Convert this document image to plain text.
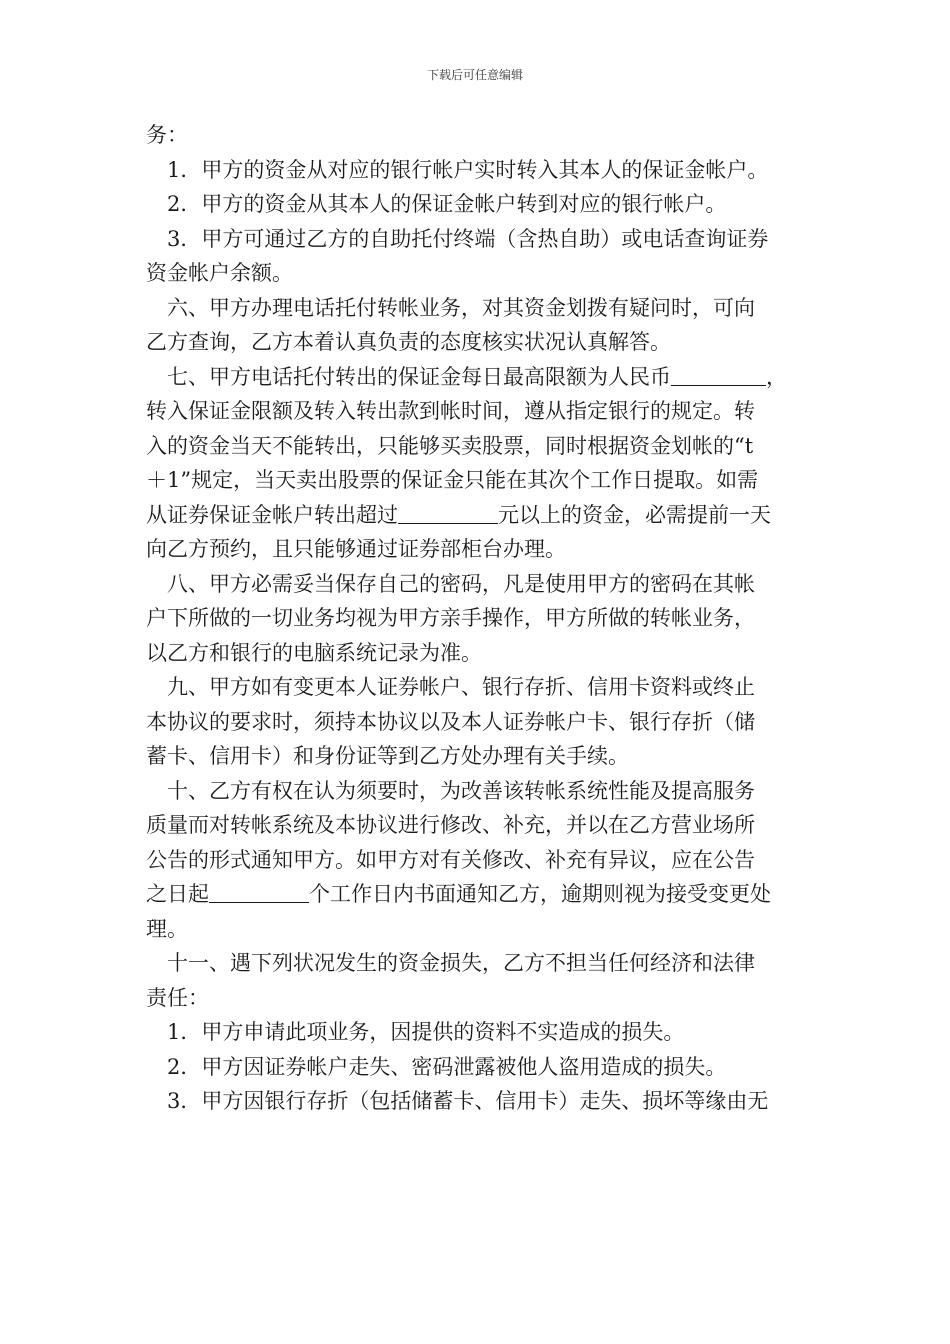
下载后可任意编辑
务：
1．甲方的资金从对应的银行帐户实时转入其本人的保证金帐户。
2．甲方的资金从其本人的保证金帐户转到对应的银行帐户。
3．甲方可通过乙方的自助托付终端（含热自助）或电话查询证券
资金帐户余额。
六、甲方办理电话托付转帐业务，对其资金划拨有疑问时，可向
乙方查询，乙方本着认真负责的态度核实状况认真解答。
七、甲方电话托付转出的保证金每日最高限额为人民币	，
转入保证金限额及转入转出款到帐时间，遵从指定银行的规定。转
入的资金当天不能转出，只能够买卖股票，同时根据资金划帐的“t
＋1”规定，当天卖出股票的保证金只能在其次个工作日提取。如需
从证券保证金帐户转出超过	元以上的资金，必需提前一天
向乙方预约，且只能够通过证券部柜台办理。
八、甲方必需妥当保存自己的密码，凡是使用甲方的密码在其帐
户下所做的一切业务均视为甲方亲手操作，甲方所做的转帐业务，
以乙方和银行的电脑系统记录为准。
九、甲方如有变更本人证券帐户、银行存折、信用卡资料或终止
本协议的要求时，须持本协议以及本人证券帐户卡、银行存折（储
蓄卡、信用卡）和身份证等到乙方处办理有关手续。
十、乙方有权在认为须要时，为改善该转帐系统性能及提高服务
质量而对转帐系统及本协议进行修改、补充，并以在乙方营业场所
公告的形式通知甲方。如甲方对有关修改、补充有异议，应在公告
之日起	个工作日内书面通知乙方，逾期则视为接受变更处
理。
十一、遇下列状况发生的资金损失，乙方不担当任何经济和法律
责任：
1．甲方申请此项业务，因提供的资料不实造成的损失。
2．甲方因证券帐户走失、密码泄露被他人盗用造成的损失。
3．甲方因银行存折（包括储蓄卡、信用卡）走失、损坏等缘由无
